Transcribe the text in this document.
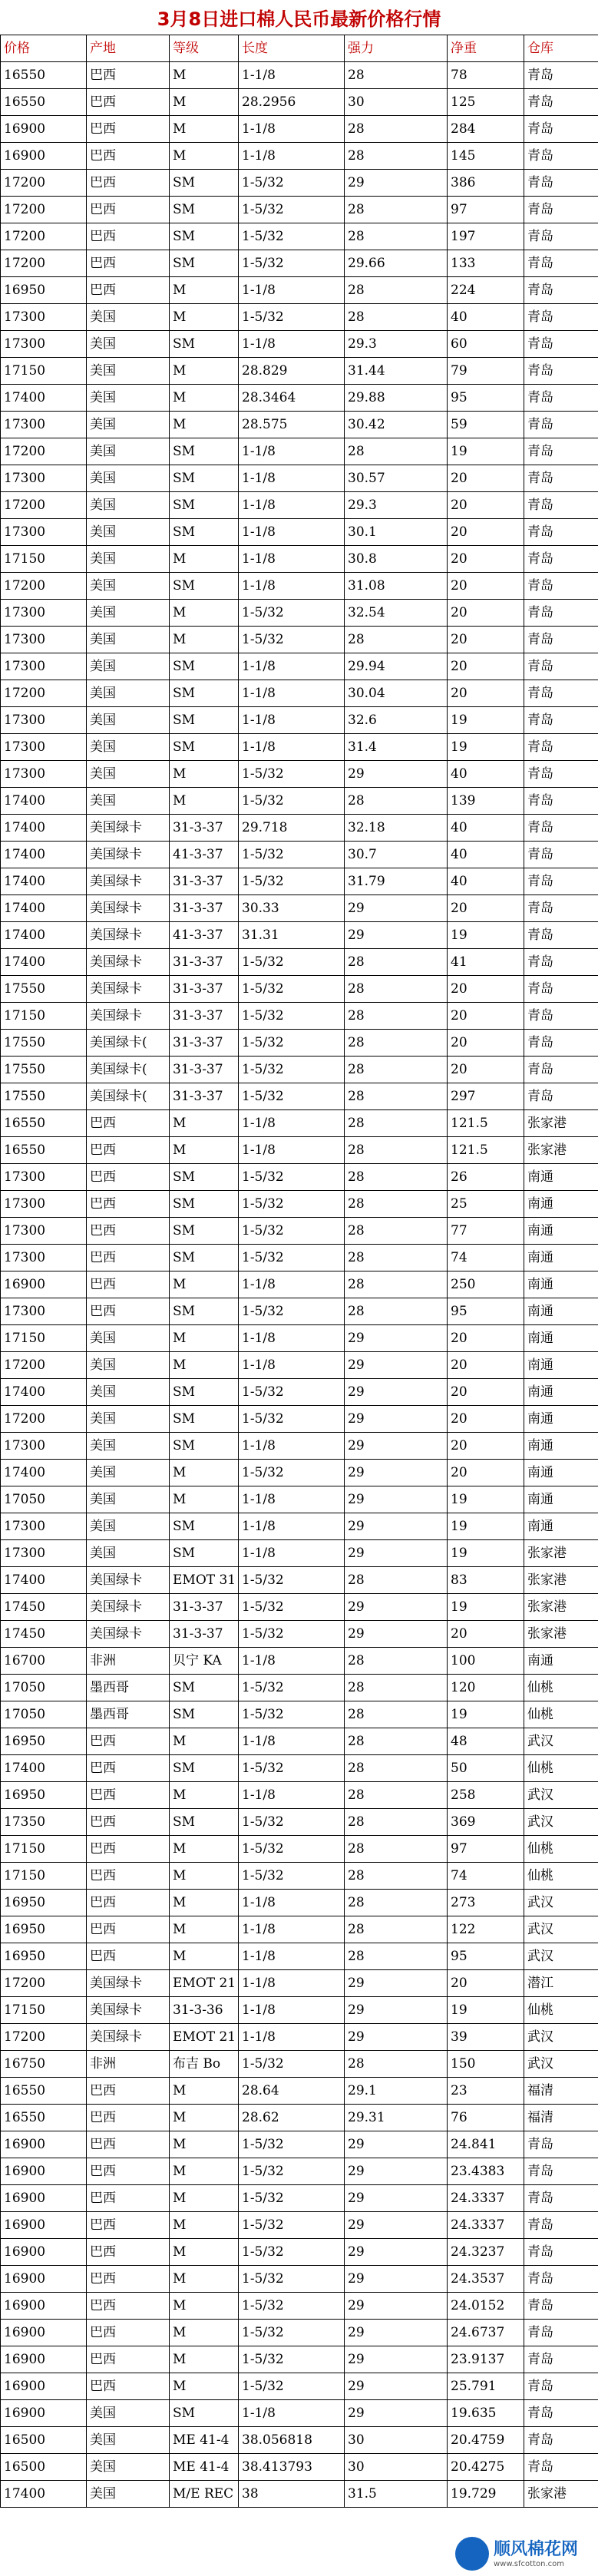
3月8日进口棉人民币最新价格行情
价格	产地	等级	长度	强力	净重	仓库
16550	巴西	M	1-1/8	28	78	青岛
16550	巴西	M	28.2956	30	125	青岛
16900	巴西	M	1-1/8	28	284	青岛
16900	巴西	M	1-1/8	28	145	青岛
17200	巴西	SM	1-5/32	29	386	青岛
17200	巴西	SM	1-5/32	28	97	青岛
17200	巴西	SM	1-5/32	28	197	青岛
17200	巴西	SM	1-5/32	29.66	133	青岛
16950	巴西	M	1-1/8	28	224	青岛
17300	美国	M	1-5/32	28	40	青岛
17300	美国	SM	1-1/8	29.3	60	青岛
17150	美国	M	28.829	31.44	79	青岛
17400	美国	M	28.3464	29.88	95	青岛
17300	美国	M	28.575	30.42	59	青岛
17200	美国	SM	1-1/8	28	19	青岛
17300	美国	SM	1-1/8	30.57	20	青岛
17200	美国	SM	1-1/8	29.3	20	青岛
17300	美国	SM	1-1/8	30.1	20	青岛
17150	美国	M	1-1/8	30.8	20	青岛
17200	美国	SM	1-1/8	31.08	20	青岛
17300	美国	M	1-5/32	32.54	20	青岛
17300	美国	M	1-5/32	28	20	青岛
17300	美国	SM	1-1/8	29.94	20	青岛
17200	美国	SM	1-1/8	30.04	20	青岛
17300	美国	SM	1-1/8	32.6	19	青岛
17300	美国	SM	1-1/8	31.4	19	青岛
17300	美国	M	1-5/32	29	40	青岛
17400	美国	M	1-5/32	28	139	青岛
17400	美国绿卡	31-3-37	29.718	32.18	40	青岛
17400	美国绿卡	41-3-37	1-5/32	30.7	40	青岛
17400	美国绿卡	31-3-37	1-5/32	31.79	40	青岛
17400	美国绿卡	31-3-37	30.33	29	20	青岛
17400	美国绿卡	41-3-37	31.31	29	19	青岛
17400	美国绿卡	31-3-37	1-5/32	28	41	青岛
17550	美国绿卡	31-3-37	1-5/32	28	20	青岛
17150	美国绿卡	31-3-37	1-5/32	28	20	青岛
17550	美国绿卡(	31-3-37	1-5/32	28	20	青岛
17550	美国绿卡(	31-3-37	1-5/32	28	20	青岛
17550	美国绿卡(	31-3-37	1-5/32	28	297	青岛
16550	巴西	M	1-1/8	28	121.5	张家港
16550	巴西	M	1-1/8	28	121.5	张家港
17300	巴西	SM	1-5/32	28	26	南通
17300	巴西	SM	1-5/32	28	25	南通
17300	巴西	SM	1-5/32	28	77	南通
17300	巴西	SM	1-5/32	28	74	南通
16900	巴西	M	1-1/8	28	250	南通
17300	巴西	SM	1-5/32	28	95	南通
17150	美国	M	1-1/8	29	20	南通
17200	美国	M	1-1/8	29	20	南通
17400	美国	SM	1-5/32	29	20	南通
17200	美国	SM	1-5/32	29	20	南通
17300	美国	SM	1-1/8	29	20	南通
17400	美国	M	1-5/32	29	20	南通
17050	美国	M	1-1/8	29	19	南通
17300	美国	SM	1-1/8	29	19	南通
17300	美国	SM	1-1/8	29	19	张家港
17400	美国绿卡	EMOT 31	1-5/32	28	83	张家港
17450	美国绿卡	31-3-37	1-5/32	29	19	张家港
17450	美国绿卡	31-3-37	1-5/32	29	20	张家港
16700	非洲	贝宁 KA	1-1/8	28	100	南通
17050	墨西哥	SM	1-5/32	28	120	仙桃
17050	墨西哥	SM	1-5/32	28	19	仙桃
16950	巴西	M	1-1/8	28	48	武汉
17400	巴西	SM	1-5/32	28	50	仙桃
16950	巴西	M	1-1/8	28	258	武汉
17350	巴西	SM	1-5/32	28	369	武汉
17150	巴西	M	1-5/32	28	97	仙桃
17150	巴西	M	1-5/32	28	74	仙桃
16950	巴西	M	1-1/8	28	273	武汉
16950	巴西	M	1-1/8	28	122	武汉
16950	巴西	M	1-1/8	28	95	武汉
17200	美国绿卡	EMOT 21	1-1/8	29	20	潜江
17150	美国绿卡	31-3-36	1-1/8	29	19	仙桃
17200	美国绿卡	EMOT 21	1-1/8	29	39	武汉
16750	非洲	布吉 Bo	1-5/32	28	150	武汉
16550	巴西	M	28.64	29.1	23	福清
16550	巴西	M	28.62	29.31	76	福清
16900	巴西	M	1-5/32	29	24.841	青岛
16900	巴西	M	1-5/32	29	23.4383	青岛
16900	巴西	M	1-5/32	29	24.3337	青岛
16900	巴西	M	1-5/32	29	24.3337	青岛
16900	巴西	M	1-5/32	29	24.3237	青岛
16900	巴西	M	1-5/32	29	24.3537	青岛
16900	巴西	M	1-5/32	29	24.0152	青岛
16900	巴西	M	1-5/32	29	24.6737	青岛
16900	巴西	M	1-5/32	29	23.9137	青岛
16900	巴西	M	1-5/32	29	25.791	青岛
16900	美国	SM	1-1/8	29	19.635	青岛
16500	美国	ME 41-4	38.056818	30	20.4759	青岛
16500	美国	ME 41-4	38.413793	30	20.4275	青岛
17400	美国	M/E REC	38	31.5	19.729	张家港
顺风棉花网
www.sfcotton.com
